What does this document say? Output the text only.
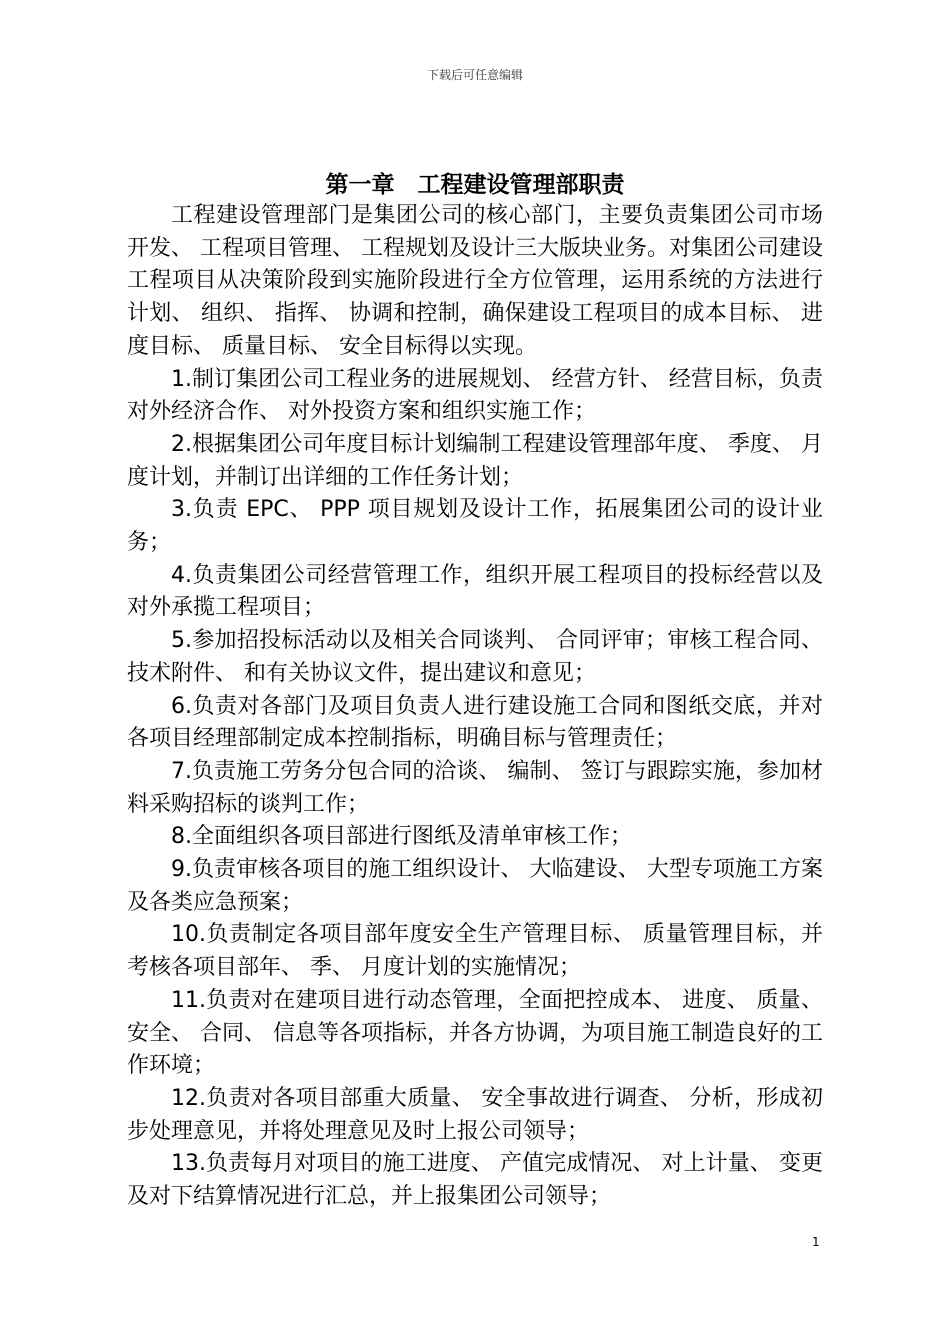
下载后可任意编辑
第一章　工程建设管理部职责

工程建设管理部门是集团公司的核心部门，主要负责集团公司市场开发、 工程项目管理、 工程规划及设计三大版块业务。对集团公司建设工程项目从决策阶段到实施阶段进行全方位管理，运用系统的方法进行计划、 组织、 指挥、 协调和控制，确保建设工程项目的成本目标、 进度目标、 质量目标、 安全目标得以实现。

1.制订集团公司工程业务的进展规划、 经营方针、 经营目标，负责对外经济合作、 对外投资方案和组织实施工作；

2.根据集团公司年度目标计划编制工程建设管理部年度、 季度、 月度计划，并制订出详细的工作任务计划；

3.负责 EPC、 PPP 项目规划及设计工作，拓展集团公司的设计业务；

4.负责集团公司经营管理工作，组织开展工程项目的投标经营以及对外承揽工程项目；

5.参加招投标活动以及相关合同谈判、 合同评审；审核工程合同、 技术附件、 和有关协议文件，提出建议和意见；

6.负责对各部门及项目负责人进行建设施工合同和图纸交底，并对各项目经理部制定成本控制指标，明确目标与管理责任；

7.负责施工劳务分包合同的洽谈、 编制、 签订与跟踪实施，参加材料采购招标的谈判工作；

8.全面组织各项目部进行图纸及清单审核工作；

9.负责审核各项目的施工组织设计、 大临建设、 大型专项施工方案及各类应急预案；

10.负责制定各项目部年度安全生产管理目标、 质量管理目标，并考核各项目部年、 季、 月度计划的实施情况；

11.负责对在建项目进行动态管理，全面把控成本、 进度、 质量、 安全、 合同、 信息等各项指标，并各方协调，为项目施工制造良好的工作环境；

12.负责对各项目部重大质量、 安全事故进行调查、 分析，形成初步处理意见，并将处理意见及时上报公司领导；

13.负责每月对项目的施工进度、 产值完成情况、 对上计量、 变更及对下结算情况进行汇总，并上报集团公司领导；

1
